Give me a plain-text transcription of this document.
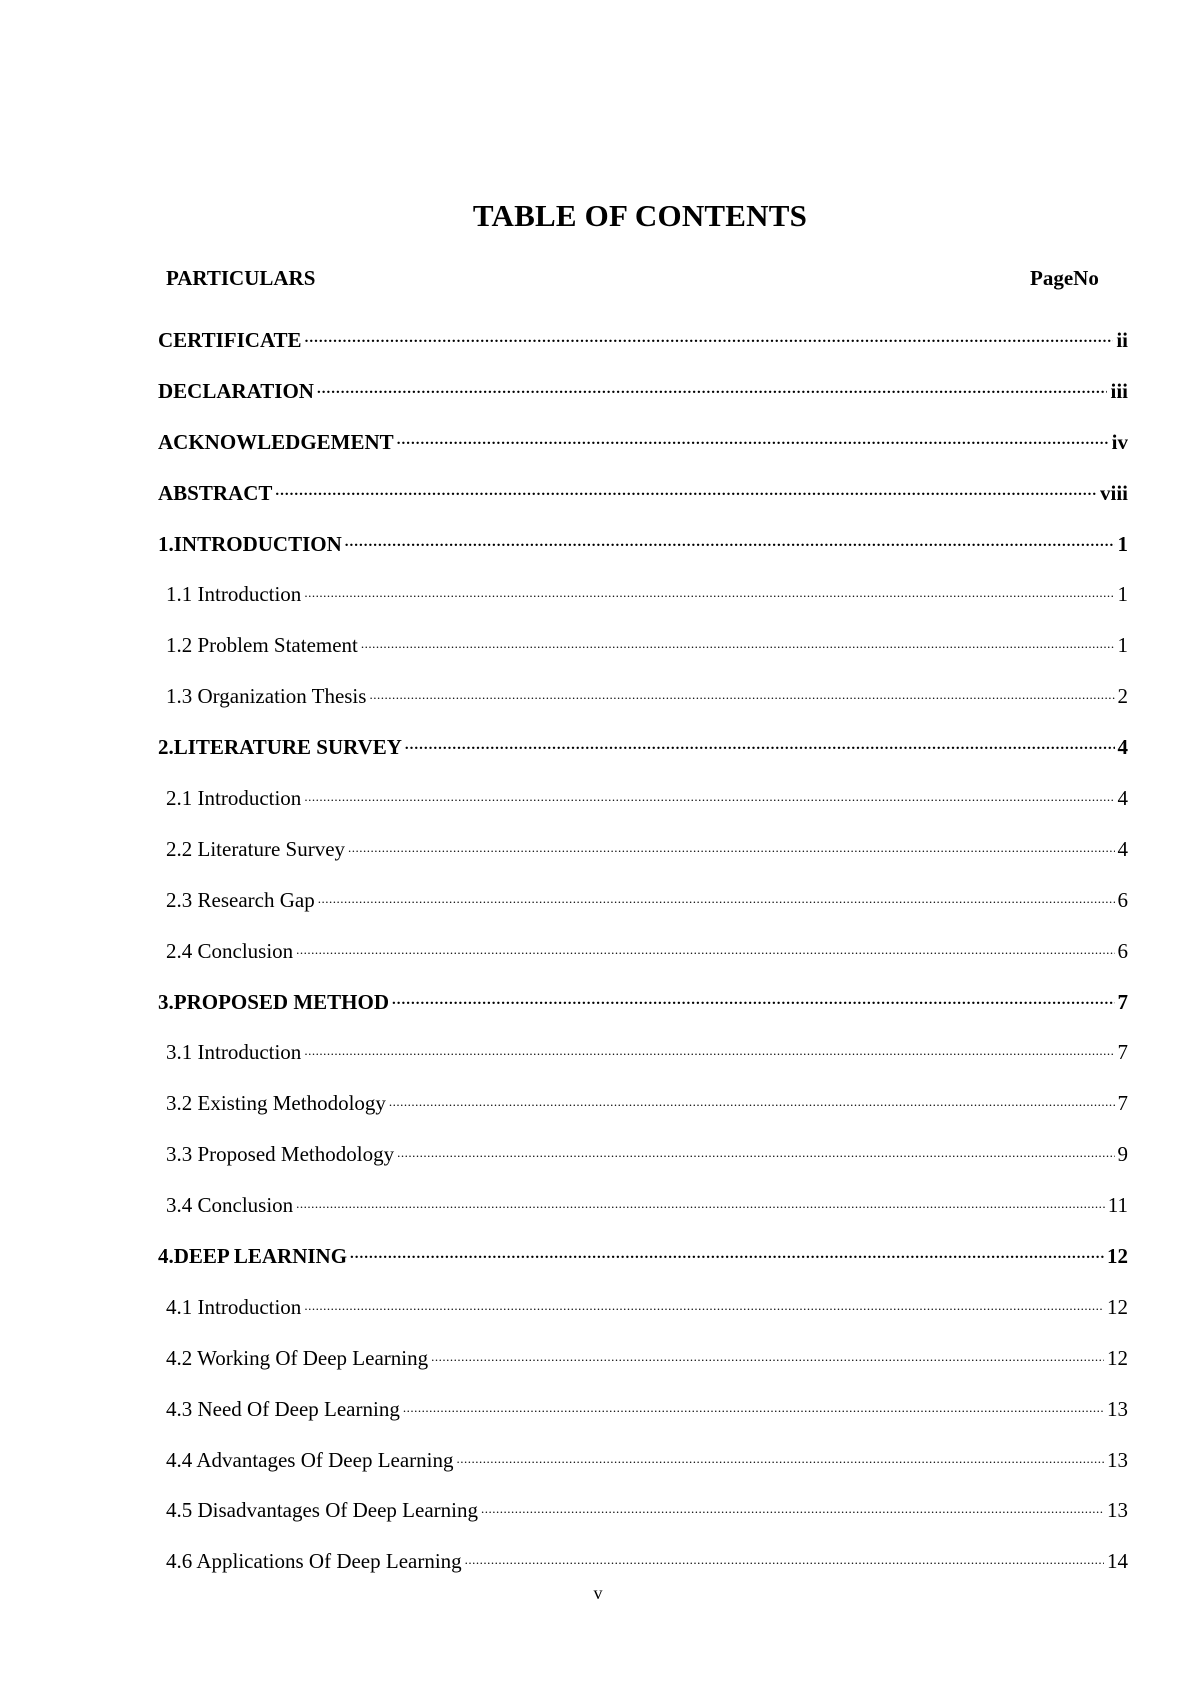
TABLE OF CONTENTS
PARTICULARS	PageNo
CERTIFICATE .....	ii
DECLARATION .....	iii
ACKNOWLEDGEMENT .....	iv
ABSTRACT .....	viii
1.INTRODUCTION .....	1
1.1 Introduction .....	1
1.2 Problem Statement .....	1
1.3 Organization Thesis .....	2
2.LITERATURE SURVEY .....	4
2.1 Introduction .....	4
2.2 Literature Survey .....	4
2.3 Research Gap .....	6
2.4 Conclusion .....	6
3.PROPOSED METHOD .....	7
3.1 Introduction .....	7
3.2 Existing Methodology .....	7
3.3 Proposed Methodology .....	9
3.4 Conclusion .....	11
4.DEEP LEARNING .....	12
4.1 Introduction .....	12
4.2 Working Of Deep Learning .....	12
4.3 Need Of Deep Learning .....	13
4.4 Advantages Of Deep Learning .....	13
4.5 Disadvantages Of Deep Learning .....	13
4.6 Applications Of Deep Learning .....	14
v
